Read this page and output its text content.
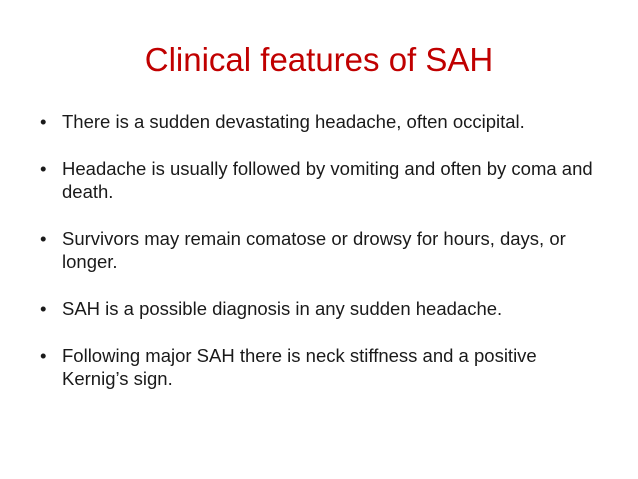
Clinical features of SAH
• There is a sudden devastating headache, often occipital.
• Headache is usually followed by vomiting and often by coma and death.
• Survivors may remain comatose or drowsy for hours, days, or longer.
• SAH is a possible diagnosis in any sudden headache.
• Following major SAH there is neck stiffness and a positive Kernig’s sign.
